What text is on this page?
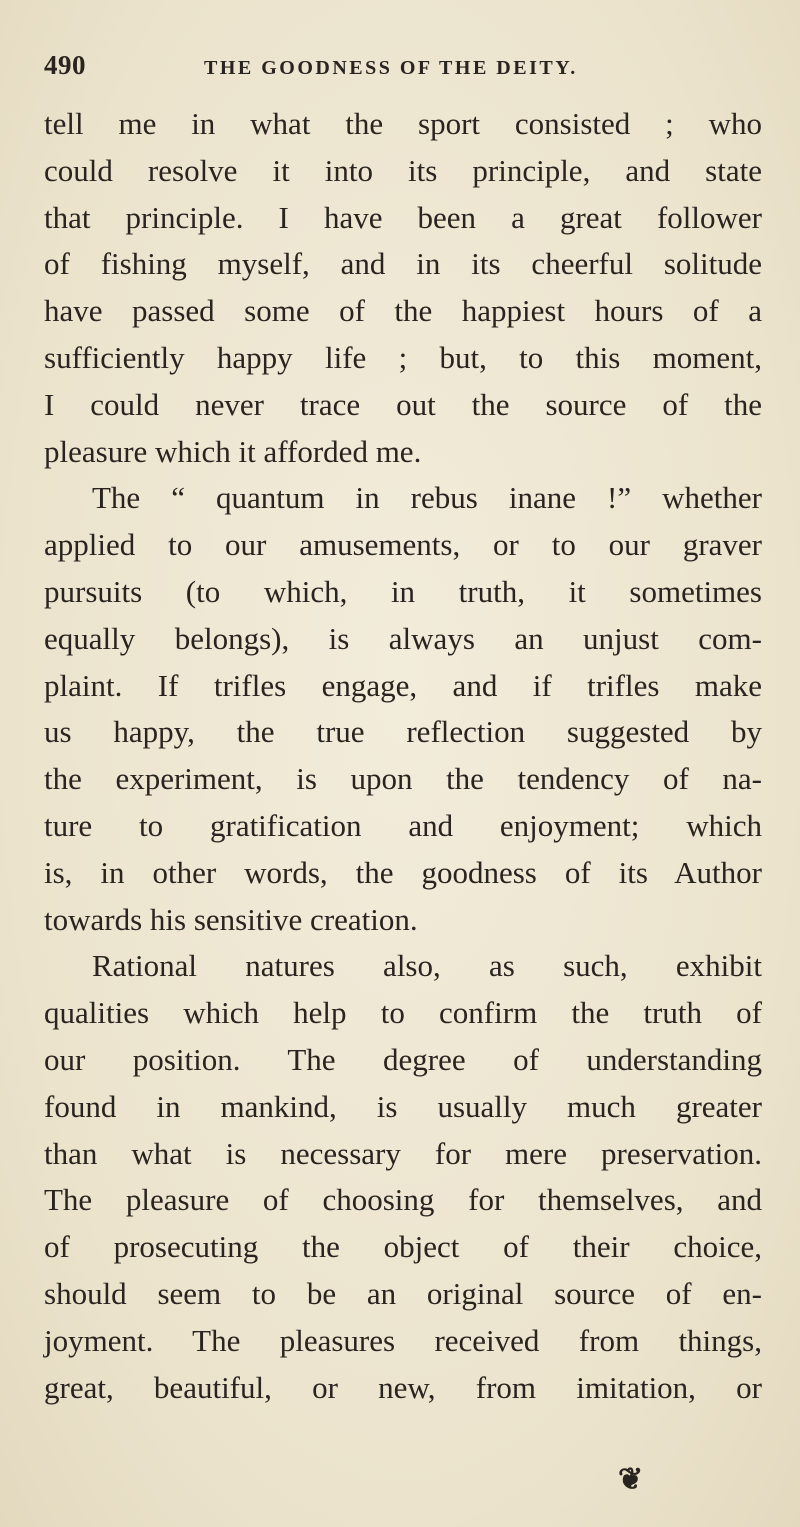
490	THE GOODNESS OF THE DEITY.
tell me in what the sport consisted ; who
could resolve it into its principle, and state
that principle. I have been a great follower
of fishing myself, and in its cheerful solitude
have passed some of the happiest hours of a
sufficiently happy life ; but, to this moment,
I could never trace out the source of the
pleasure which it afforded me.
The “ quantum in rebus inane !” whether
applied to our amusements, or to our graver
pursuits (to which, in truth, it sometimes
equally belongs), is always an unjust com-
plaint. If trifles engage, and if trifles make
us happy, the true reflection suggested by
the experiment, is upon the tendency of na-
ture to gratification and enjoyment; which
is, in other words, the goodness of its Author
towards his sensitive creation.
Rational natures also, as such, exhibit
qualities which help to confirm the truth of
our position. The degree of understanding
found in mankind, is usually much greater
than what is necessary for mere preservation.
The pleasure of choosing for themselves, and
of prosecuting the object of their choice,
should seem to be an original source of en-
joyment. The pleasures received from things,
great, beautiful, or new, from imitation, or
❦
